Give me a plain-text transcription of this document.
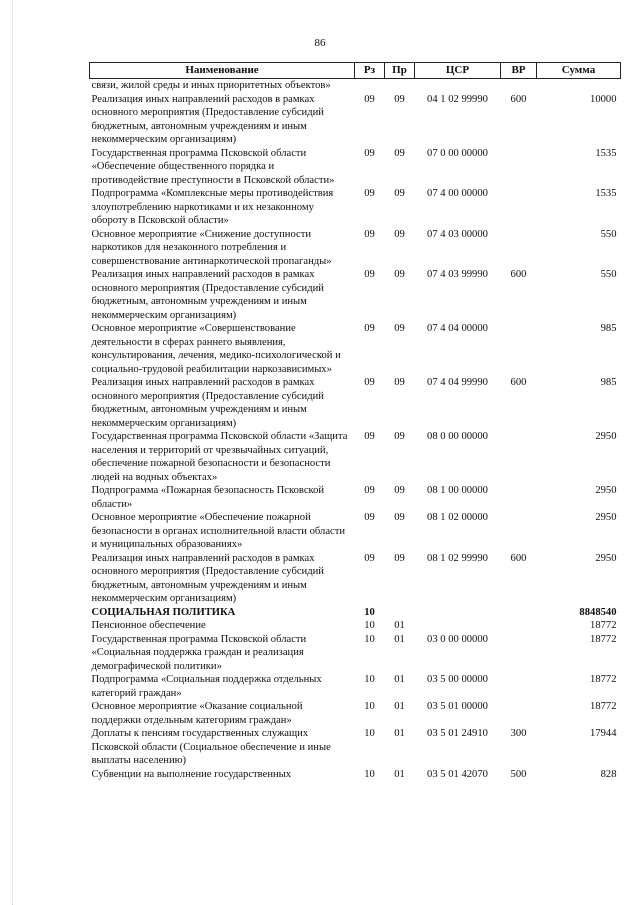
86
Наименование	Рз	Пр	ЦСР	ВР	Сумма
связи, жилой среды и иных приоритетных объектов»					
Реализация иных направлений расходов в рамках основного мероприятия (Предоставление субсидий бюджетным, автономным учреждениям и иным некоммерческим организациям)	09	09	04 1 02 99990	600	10000
Государственная программа Псковской области «Обеспечение общественного порядка и противодействие преступности в Псковской области»	09	09	07 0 00 00000		1535
Подпрограмма «Комплексные меры противодействия злоупотреблению наркотиками и их незаконному обороту в Псковской области»	09	09	07 4 00 00000		1535
Основное мероприятие «Снижение доступности наркотиков для незаконного потребления и совершенствование антинаркотической пропаганды»	09	09	07 4 03 00000		550
Реализация иных направлений расходов в рамках основного мероприятия (Предоставление субсидий бюджетным, автономным учреждениям и иным некоммерческим организациям)	09	09	07 4 03 99990	600	550
Основное мероприятие «Совершенствование деятельности в сферах раннего выявления, консультирования, лечения, медико-психологической и социально-трудовой реабилитации наркозависимых»	09	09	07 4 04 00000		985
Реализация иных направлений расходов в рамках основного мероприятия (Предоставление субсидий бюджетным, автономным учреждениям и иным некоммерческим организациям)	09	09	07 4 04 99990	600	985
Государственная программа Псковской области «Защита населения и территорий от чрезвычайных ситуаций, обеспечение пожарной безопасности и безопасности людей на водных объектах»	09	09	08 0 00 00000		2950
Подпрограмма «Пожарная безопасность Псковской области»	09	09	08 1 00 00000		2950
Основное мероприятие «Обеспечение пожарной безопасности в органах исполнительной власти области и муниципальных образованиях»	09	09	08 1 02 00000		2950
Реализация иных направлений расходов в рамках основного мероприятия (Предоставление субсидий бюджетным, автономным учреждениям и иным некоммерческим организациям)	09	09	08 1 02 99990	600	2950
СОЦИАЛЬНАЯ ПОЛИТИКА	10				8848540
Пенсионное обеспечение	10	01			18772
Государственная программа Псковской области «Социальная поддержка граждан и реализация демографической политики»	10	01	03 0 00 00000		18772
Подпрограмма «Социальная поддержка отдельных категорий граждан»	10	01	03 5 00 00000		18772
Основное мероприятие «Оказание социальной поддержки отдельным категориям граждан»	10	01	03 5 01 00000		18772
Доплаты к пенсиям государственных служащих Псковской области (Социальное обеспечение и иные выплаты населению)	10	01	03 5 01 24910	300	17944
Субвенции на выполнение государственных	10	01	03 5 01 42070	500	828
